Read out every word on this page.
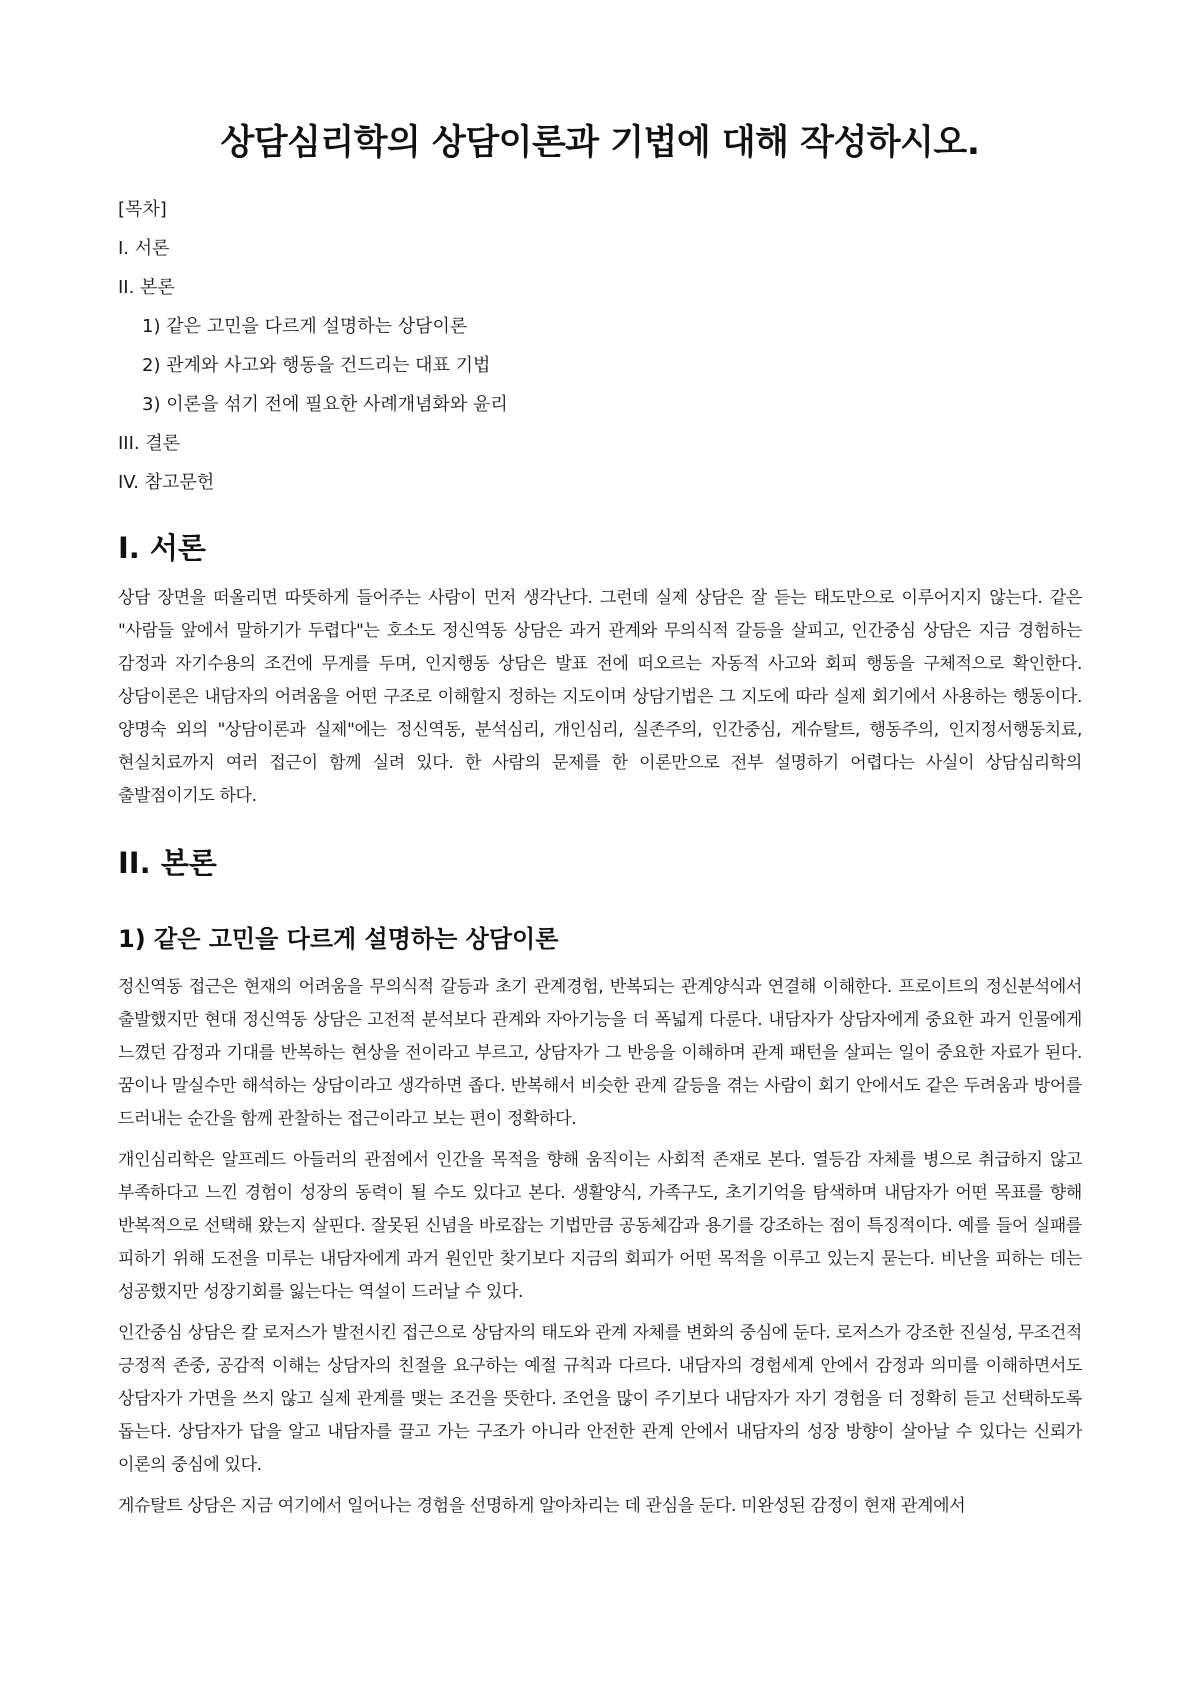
상담심리학의 상담이론과 기법에 대해 작성하시오.
[목차]
I. 서론
II. 본론
1) 같은 고민을 다르게 설명하는 상담이론
2) 관계와 사고와 행동을 건드리는 대표 기법
3) 이론을 섞기 전에 필요한 사례개념화와 윤리
III. 결론
IV. 참고문헌
I. 서론

상담 장면을 떠올리면 따뜻하게 들어주는 사람이 먼저 생각난다. 그런데 실제 상담은 잘 듣는 태도만으로 이루어지지 않는다. 같은 "사람들 앞에서 말하기가 두렵다"는 호소도 정신역동 상담은 과거 관계와 무의식적 갈등을 살피고, 인간중심 상담은 지금 경험하는 감정과 자기수용의 조건에 무게를 두며, 인지행동 상담은 발표 전에 떠오르는 자동적 사고와 회피 행동을 구체적으로 확인한다. 상담이론은 내담자의 어려움을 어떤 구조로 이해할지 정하는 지도이며 상담기법은 그 지도에 따라 실제 회기에서 사용하는 행동이다. 양명숙 외의 "상담이론과 실제"에는 정신역동, 분석심리, 개인심리, 실존주의, 인간중심, 게슈탈트, 행동주의, 인지정서행동치료, 현실치료까지 여러 접근이 함께 실려 있다. 한 사람의 문제를 한 이론만으로 전부 설명하기 어렵다는 사실이 상담심리학의 출발점이기도 하다.

II. 본론
1) 같은 고민을 다르게 설명하는 상담이론

정신역동 접근은 현재의 어려움을 무의식적 갈등과 초기 관계경험, 반복되는 관계양식과 연결해 이해한다. 프로이트의 정신분석에서 출발했지만 현대 정신역동 상담은 고전적 분석보다 관계와 자아기능을 더 폭넓게 다룬다. 내담자가 상담자에게 중요한 과거 인물에게 느꼈던 감정과 기대를 반복하는 현상을 전이라고 부르고, 상담자가 그 반응을 이해하며 관계 패턴을 살피는 일이 중요한 자료가 된다. 꿈이나 말실수만 해석하는 상담이라고 생각하면 좁다. 반복해서 비슷한 관계 갈등을 겪는 사람이 회기 안에서도 같은 두려움과 방어를 드러내는 순간을 함께 관찰하는 접근이라고 보는 편이 정확하다.

개인심리학은 알프레드 아들러의 관점에서 인간을 목적을 향해 움직이는 사회적 존재로 본다. 열등감 자체를 병으로 취급하지 않고 부족하다고 느낀 경험이 성장의 동력이 될 수도 있다고 본다. 생활양식, 가족구도, 초기기억을 탐색하며 내담자가 어떤 목표를 향해 반복적으로 선택해 왔는지 살핀다. 잘못된 신념을 바로잡는 기법만큼 공동체감과 용기를 강조하는 점이 특징적이다. 예를 들어 실패를 피하기 위해 도전을 미루는 내담자에게 과거 원인만 찾기보다 지금의 회피가 어떤 목적을 이루고 있는지 묻는다. 비난을 피하는 데는 성공했지만 성장기회를 잃는다는 역설이 드러날 수 있다.

인간중심 상담은 칼 로저스가 발전시킨 접근으로 상담자의 태도와 관계 자체를 변화의 중심에 둔다. 로저스가 강조한 진실성, 무조건적 긍정적 존중, 공감적 이해는 상담자의 친절을 요구하는 예절 규칙과 다르다. 내담자의 경험세계 안에서 감정과 의미를 이해하면서도 상담자가 가면을 쓰지 않고 실제 관계를 맺는 조건을 뜻한다. 조언을 많이 주기보다 내담자가 자기 경험을 더 정확히 듣고 선택하도록 돕는다. 상담자가 답을 알고 내담자를 끌고 가는 구조가 아니라 안전한 관계 안에서 내담자의 성장 방향이 살아날 수 있다는 신뢰가 이론의 중심에 있다.

게슈탈트 상담은 지금 여기에서 일어나는 경험을 선명하게 알아차리는 데 관심을 둔다. 미완성된 감정이 현재 관계에서
